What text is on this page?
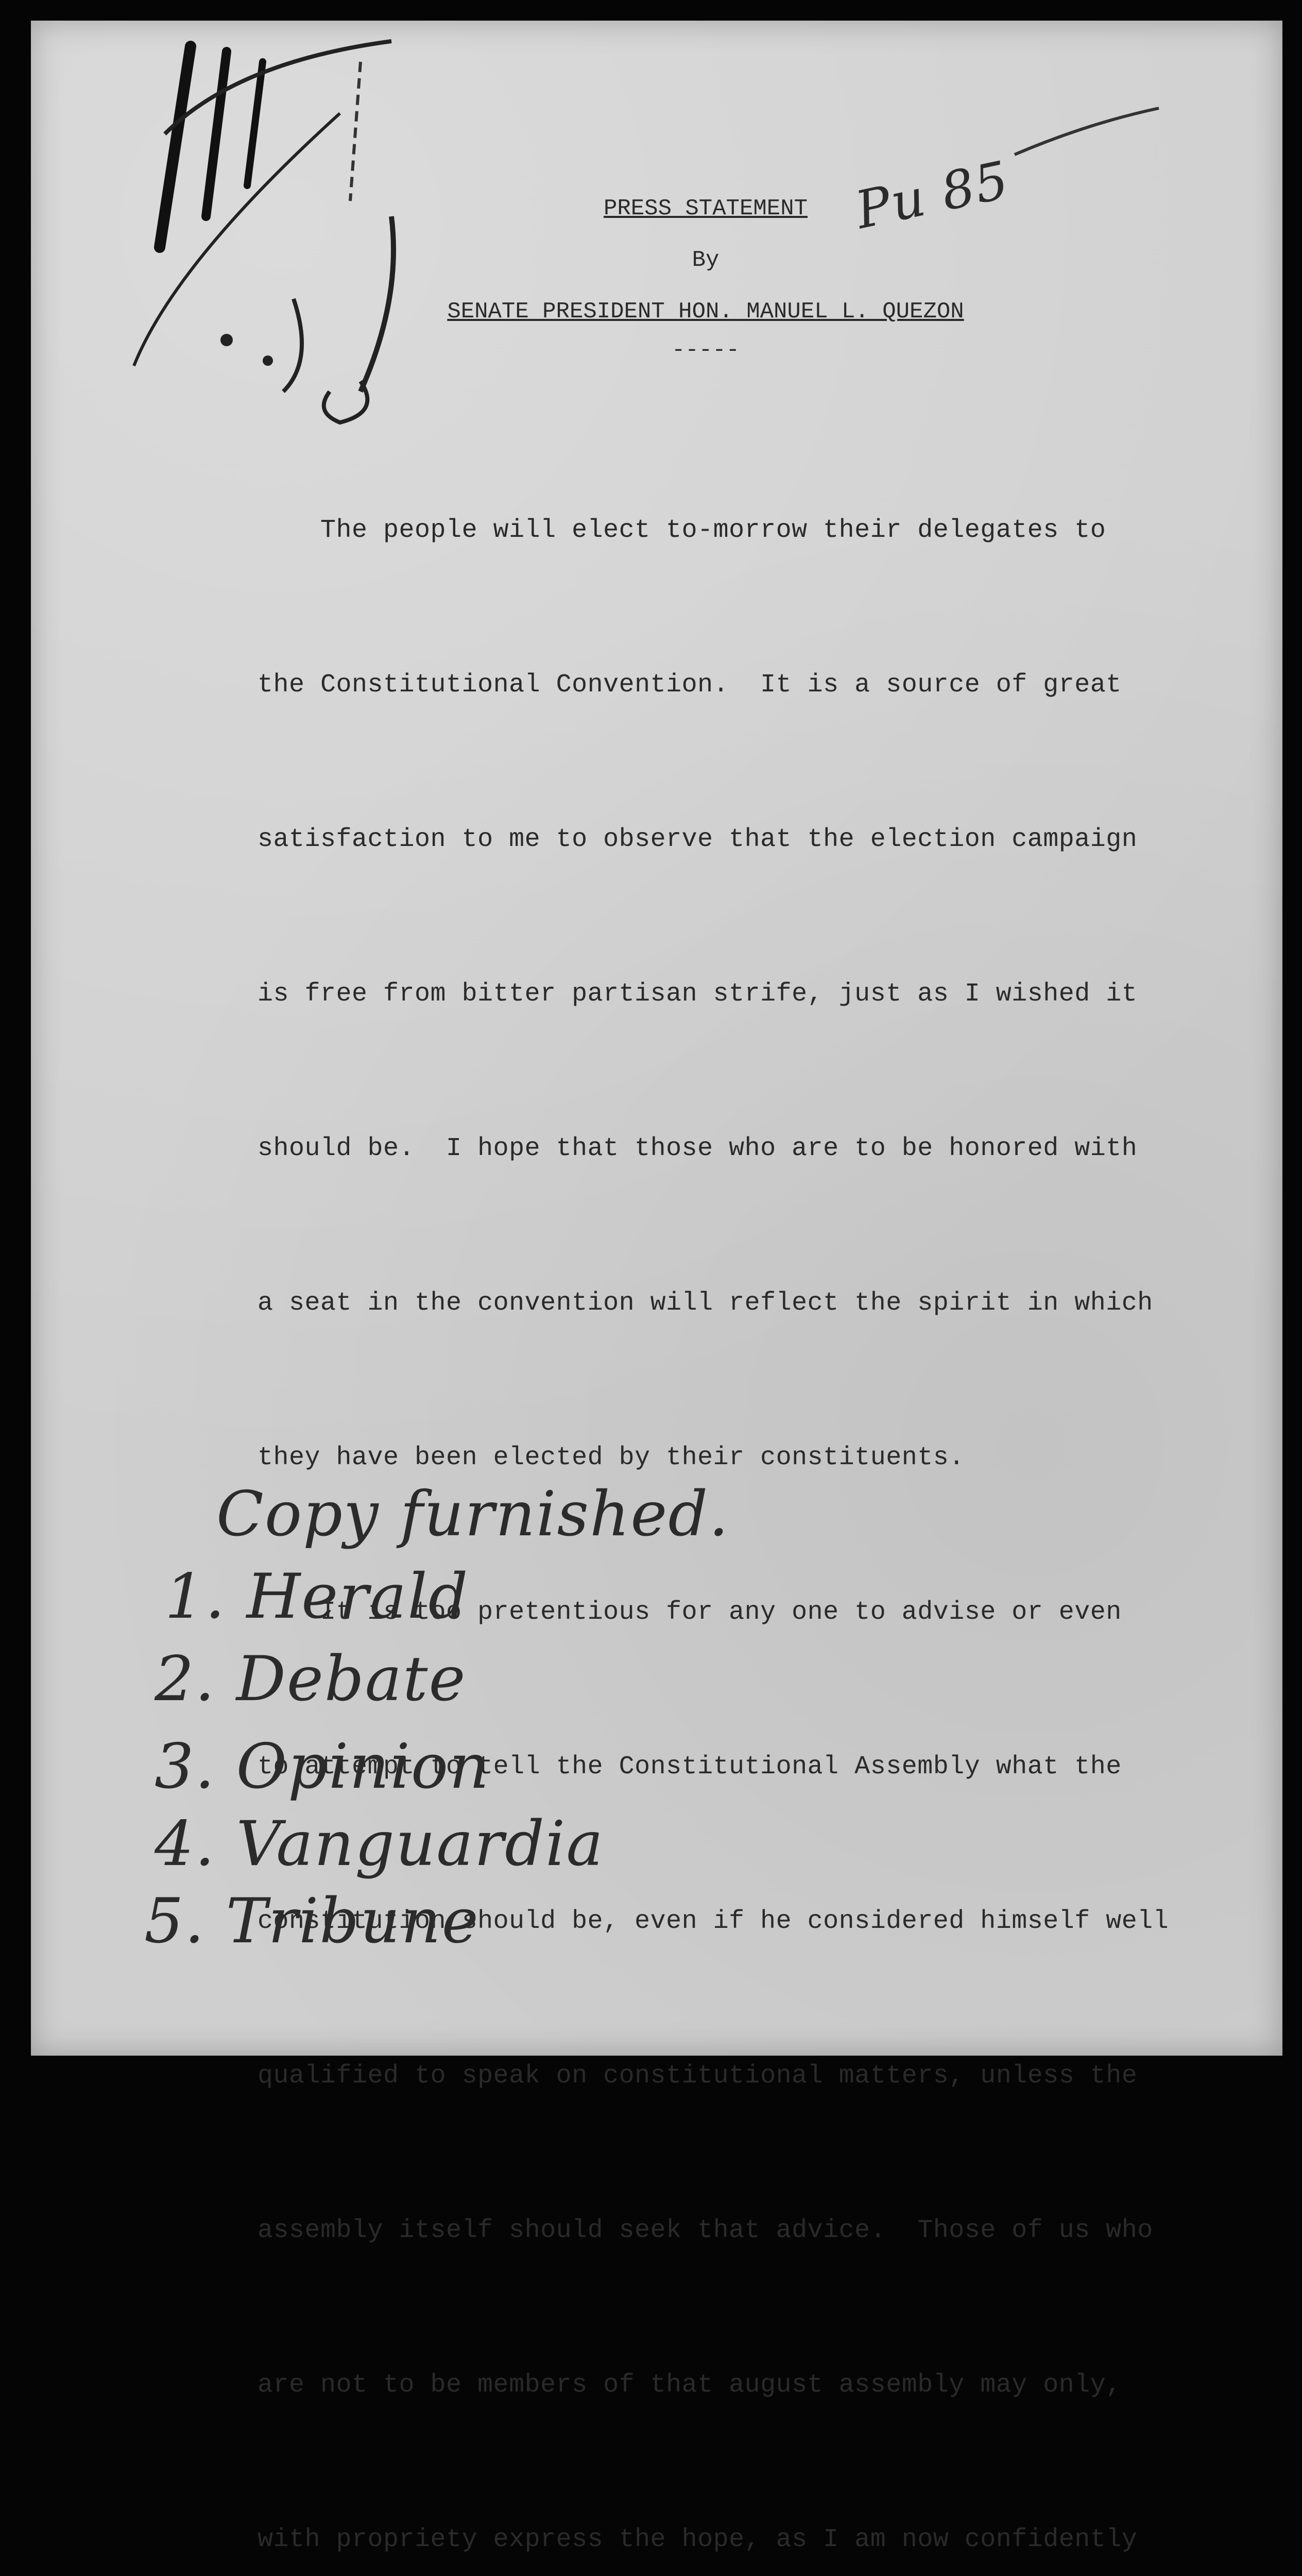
Pu 85
PRESS STATEMENT
By
SENATE PRESIDENT HON. MANUEL L. QUEZON
-----

The people will elect to-morrow their delegates to

the Constitutional Convention.  It is a source of great

satisfaction to me to observe that the election campaign

is free from bitter partisan strife, just as I wished it

should be.  I hope that those who are to be honored with

a seat in the convention will reflect the spirit in which

they have been elected by their constituents.

It is too pretentious for any one to advise or even

to attempt to tell the Constitutional Assembly what the

constitution should be, even if he considered himself well

qualified to speak on constitutional matters, unless the

assembly itself should seek that advice.  Those of us who

are not to be members of that august assembly may only,

with propriety express the hope, as I am now confidently

Copy furnished.
1. Herald
2. Debate
3. Opinion
4. Vanguardia
5. Tribune
